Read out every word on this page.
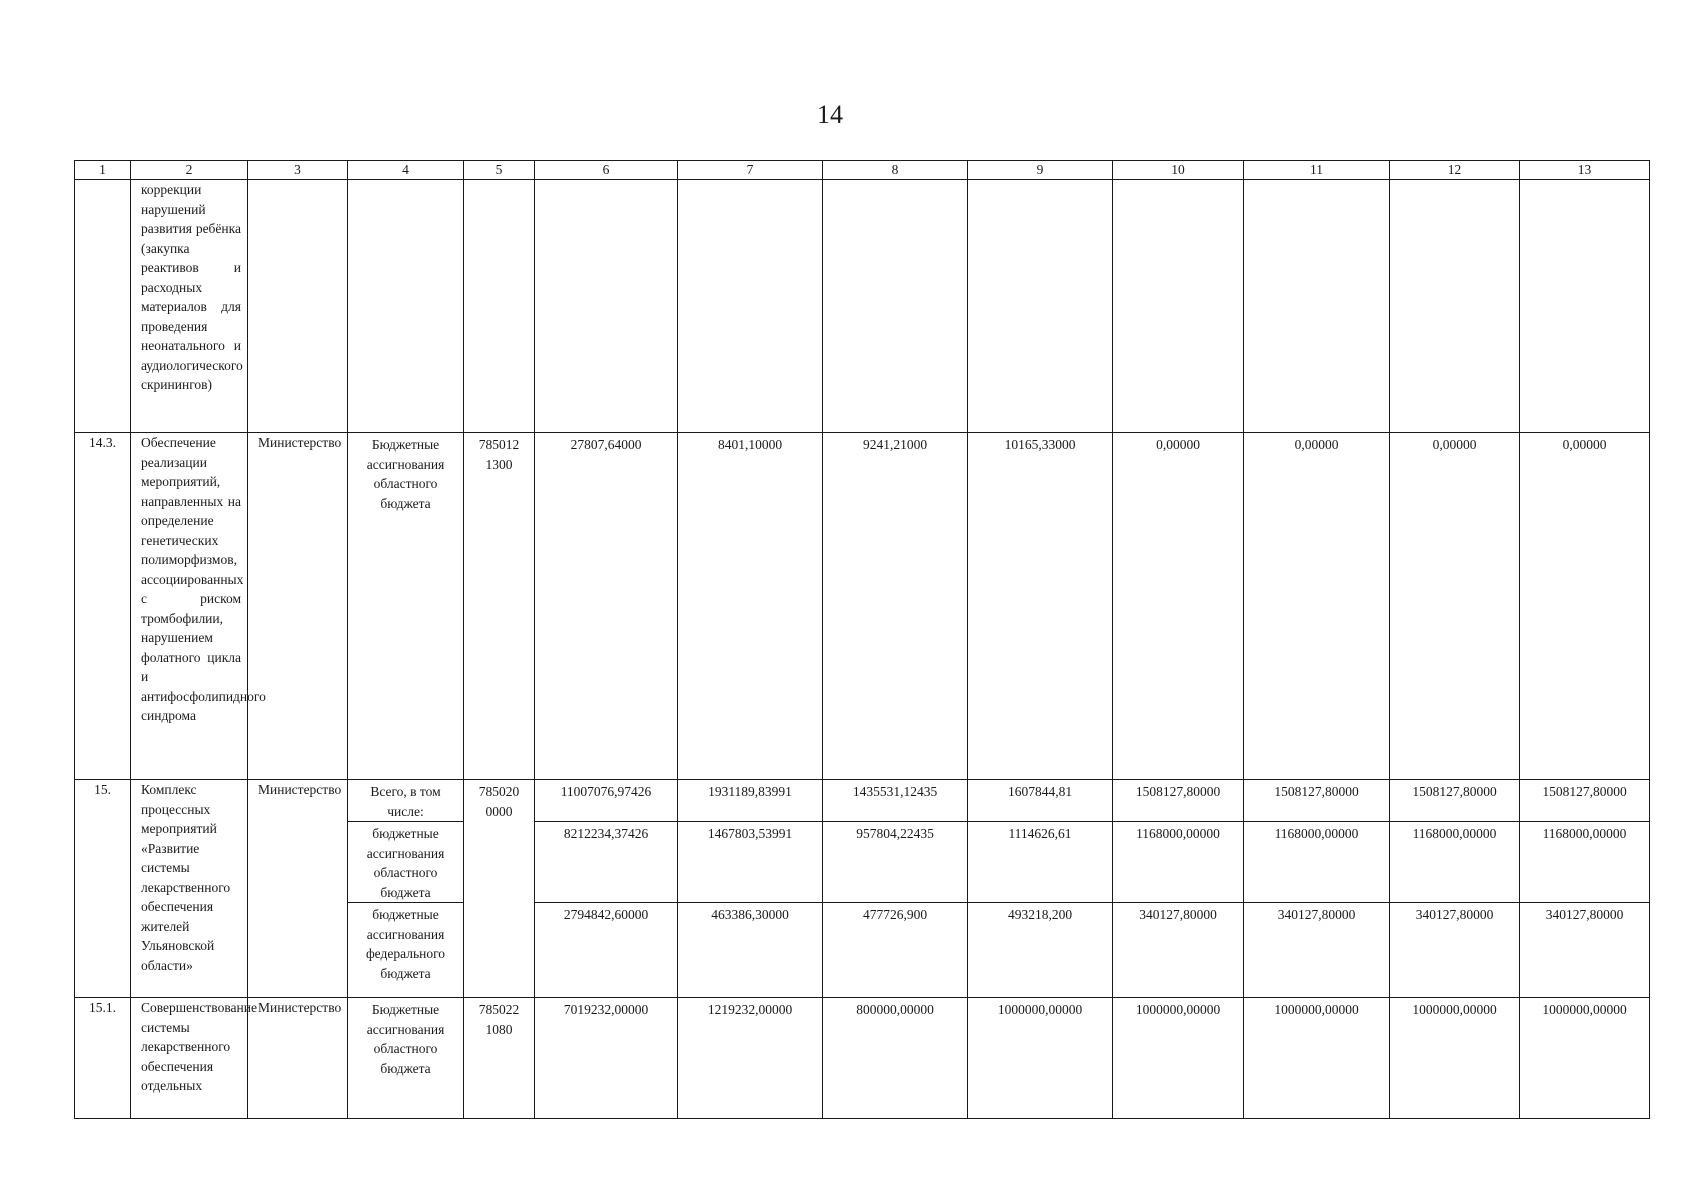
14
1	2	3	4	5	6	7	8	9	10	11	12	13
	коррекции нарушений развития ребёнка (закупка реактивов и расходных материалов для проведения неонатального и аудиологического скринингов)											
14.3.	Обеспечение реализации мероприятий, направленных на определение генетических полиморфизмов, ассоциированных с риском тромбофилии, нарушением фолатного цикла и антифосфолипидного синдрома	Министерство	Бюджетные ассигнования областного бюджета	785012 1300	27807,64000	8401,10000	9241,21000	10165,33000	0,00000	0,00000	0,00000	0,00000
15.	Комплекс процессных мероприятий «Развитие системы лекарственного обеспечения жителей Ульяновской области»	Министерство	Всего, в том числе:	785020 0000	11007076,97426	1931189,83991	1435531,12435	1607844,81	1508127,80000	1508127,80000	1508127,80000	1508127,80000
			бюджетные ассигнования областного бюджета		8212234,37426	1467803,53991	957804,22435	1114626,61	1168000,00000	1168000,00000	1168000,00000	1168000,00000
			бюджетные ассигнования федерального бюджета		2794842,60000	463386,30000	477726,900	493218,200	340127,80000	340127,80000	340127,80000	340127,80000
15.1.	Совершенствование системы лекарственного обеспечения отдельных	Министерство	Бюджетные ассигнования областного бюджета	785022 1080	7019232,00000	1219232,00000	800000,00000	1000000,00000	1000000,00000	1000000,00000	1000000,00000	1000000,00000
